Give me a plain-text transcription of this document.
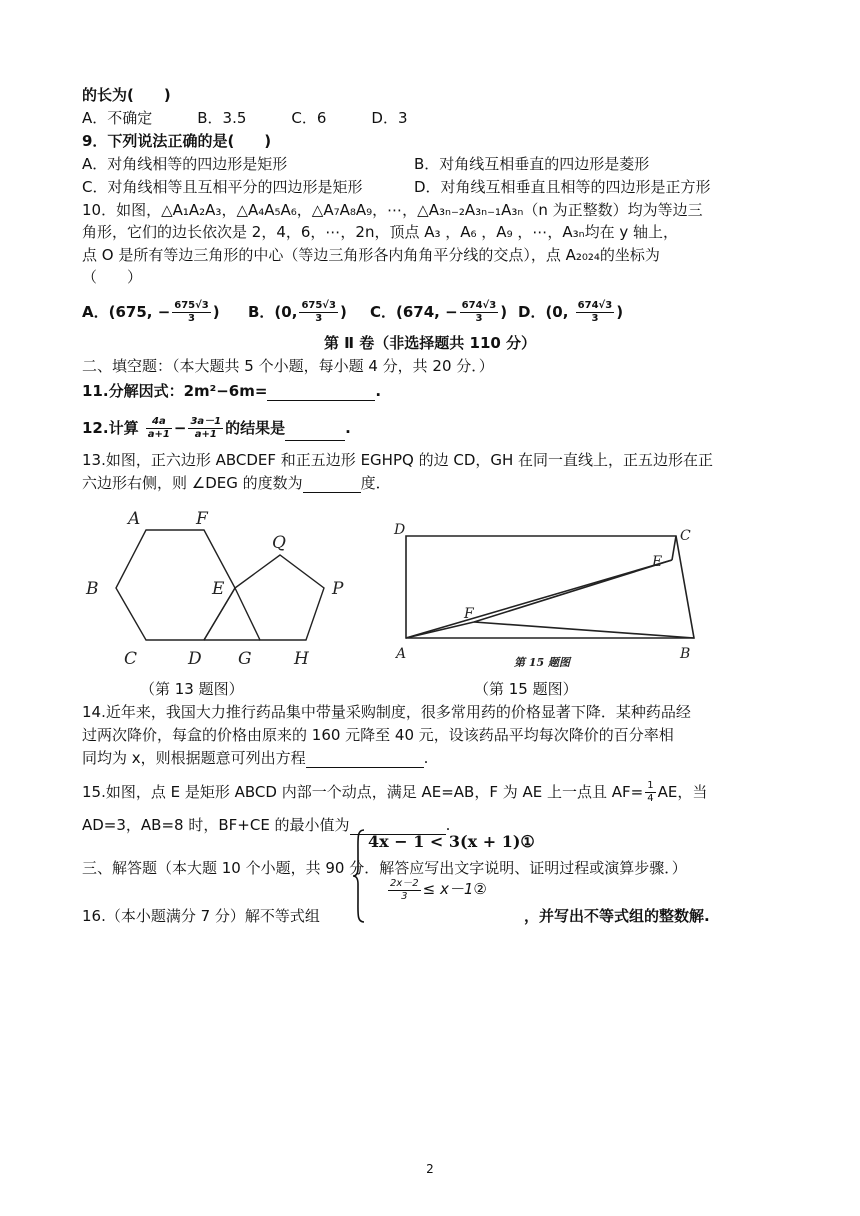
的长为(　　)
A．不确定　　　B．3.5　　　C．6　　　D．3
9．下列说法正确的是(　　)
A．对角线相等的四边形是矩形	B．对角线互相垂直的四边形是菱形
C．对角线相等且互相平分的四边形是矩形	D．对角线互相垂直且相等的四边形是正方形
10．如图，△A₁A₂A₃，△A₄A₅A₆，△A₇A₈A₉，⋯，△A₃ₙ₋₂A₃ₙ₋₁A₃ₙ（n 为正整数）均为等边三
角形，它们的边长依次是 2，4，6，⋯，2n，顶点 A₃ ，A₆ ，A₉ ，⋯，A₃ₙ均在 y 轴上，
点 O 是所有等边三角形的中心（等边三角形各内角角平分线的交点），点 A₂₀₂₄的坐标为
（　　）
A．(675, − $\frac{675√3}{3}$ ) B．(0, $\frac{675√3}{3}$ ) C．(674, − $\frac{674√3}{3}$ ) D．(0, $\frac{674√3}{3}$ )
第 Ⅱ 卷（非选择题共 110 分）
二、填空题：（本大题共 5 个小题，每小题 4 分，共 20 分．）
11.分解因式：2m²−6m=	.
12.计算 $\frac{4a}{a+1} - \frac{3a-1}{a+1}$ 的结果是	.
13.如图，正六边形 ABCDEF 和正五边形 EGHPQ 的边 CD，GH 在同一直线上，正五边形在正
六边形右侧，则 ∠DEG 的度数为	度．
A	F
B	E
Q
P
C	D G H
D	C
E
F
A	B
第 15 题图
（第 13 题图）	（第 15 题图）
14.近年来，我国大力推行药品集中带量采购制度，很多常用药的价格显著下降．某种药品经
过两次降价，每盒的价格由原来的 160 元降至 40 元，设该药品平均每次降价的百分率相
同均为 x，则根据题意可列出方程	.
15.如图，点 E 是矩形 ABCD 内部一个动点，满足 AE=AB，F 为 AE 上一点且 $AF= \frac{1}{4}$ AE，当
AD=3，AB=8 时，BF+CE 的最小值为	.
三、解答题（本大题 10 个小题，共 90 分．解答应写出文字说明、证明过程或演算步骤．）
16.（本小题满分 7 分）解不等式组
4x − 1 < 3(x + 1)①
$\frac{2x-2}{3}$ ≤ x－1②
，并写出不等式组的整数解.
2
